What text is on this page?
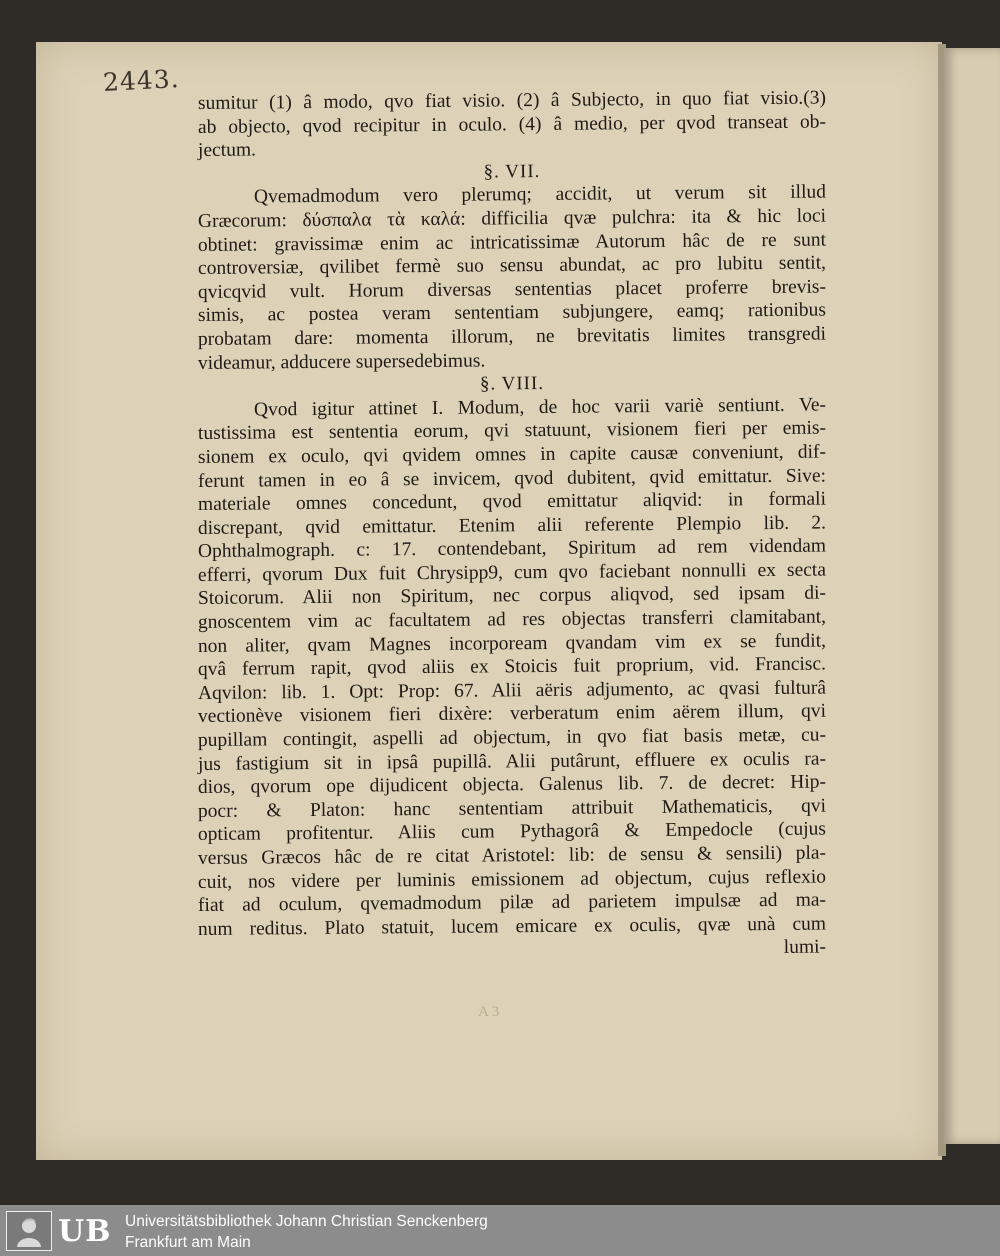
2443.
sumitur (1) â modo, qvo fiat visio. (2) â Subjecto, in quo fiat visio.(3)
ab objecto, qvod recipitur in oculo. (4) â medio, per qvod transeat ob-
jectum.
§. VII.
Qvemadmodum vero plerumq; accidit, ut verum sit illud
Græcorum: δύσπαλα τὰ καλά: difficilia qvæ pulchra: ita & hic loci
obtinet: gravissimæ enim ac intricatissimæ Autorum hâc de re sunt
controversiæ, qvilibet fermè suo sensu abundat, ac pro lubitu sentit,
qvicqvid vult. Horum diversas sententias placet proferre brevis-
simis, ac postea veram sententiam subjungere, eamq; rationibus
probatam dare: momenta illorum, ne brevitatis limites transgredi
videamur, adducere supersedebimus.
§. VIII.
Qvod igitur attinet I. Modum, de hoc varii variè sentiunt. Ve-
tustissima est sententia eorum, qvi statuunt, visionem fieri per emis-
sionem ex oculo, qvi qvidem omnes in capite causæ conveniunt, dif-
ferunt tamen in eo â se invicem, qvod dubitent, qvid emittatur. Sive:
materiale omnes concedunt, qvod emittatur aliqvid: in formali
discrepant, qvid emittatur. Etenim alii referente Plempio lib. 2.
Ophthalmograph. c: 17. contendebant, Spiritum ad rem videndam
efferri, qvorum Dux fuit Chrysipp9, cum qvo faciebant nonnulli ex secta
Stoicorum. Alii non Spiritum, nec corpus aliqvod, sed ipsam di-
gnoscentem vim ac facultatem ad res objectas transferri clamitabant,
non aliter, qvam Magnes incorpoream qvandam vim ex se fundit,
qvâ ferrum rapit, qvod aliis ex Stoicis fuit proprium, vid. Francisc.
Aqvilon: lib. 1. Opt: Prop: 67. Alii aëris adjumento, ac qvasi fulturâ
vectionève visionem fieri dixère: verberatum enim aërem illum, qvi
pupillam contingit, aspelli ad objectum, in qvo fiat basis metæ, cu-
jus fastigium sit in ipsâ pupillâ. Alii putârunt, effluere ex oculis ra-
dios, qvorum ope dijudicent objecta. Galenus lib. 7. de decret: Hip-
pocr: & Platon: hanc sententiam attribuit Mathematicis, qvi
opticam profitentur. Aliis cum Pythagorâ & Empedocle (cujus
versus Græcos hâc de re citat Aristotel: lib: de sensu & sensili) pla-
cuit, nos videre per luminis emissionem ad objectum, cujus reflexio
fiat ad oculum, qvemadmodum pilæ ad parietem impulsæ ad ma-
num reditus. Plato statuit, lucem emicare ex oculis, qvæ unà cum
lumi-
A 3
UB Universitätsbibliothek Johann Christian Senckenberg
Frankfurt am Main
